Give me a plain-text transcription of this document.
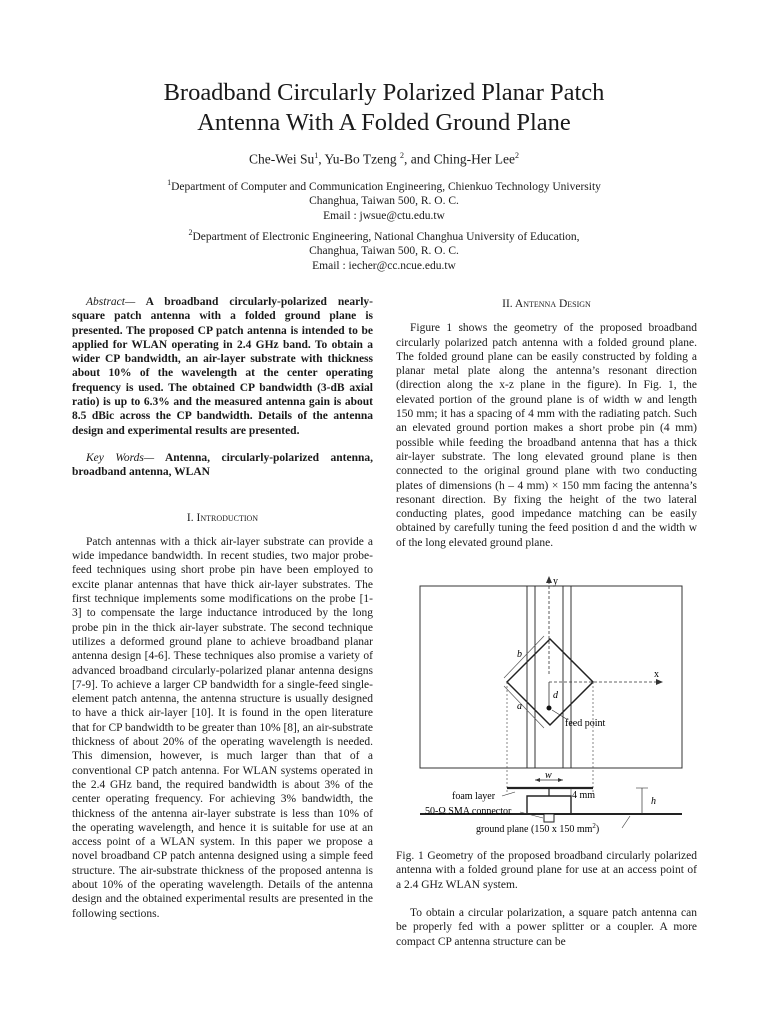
Broadband Circularly Polarized Planar Patch
Antenna With A Folded Ground Plane
Che-Wei Su$^1$, Yu-Bo Tzeng $^2$, and Ching-Her Lee$^2$
$^1$Department of Computer and Communication Engineering, Chienkuo Technology University
Changhua, Taiwan 500, R. O. C.
Email : jwsue@ctu.edu.tw
$^2$Department of Electronic Engineering, National Changhua University of Education,
Changhua, Taiwan 500, R. O. C.
Email : iecher@cc.ncue.edu.tw

Abstract— A broadband circularly-polarized nearly-square patch antenna with a folded ground plane is presented. The proposed CP patch antenna is intended to be applied for WLAN operating in 2.4 GHz band. To obtain a wider CP bandwidth, an air-layer substrate with thickness about 10% of the wavelength at the center operating frequency is used. The obtained CP bandwidth (3-dB axial ratio) is up to 6.3% and the measured antenna gain is about 8.5 dBic across the CP bandwidth. Details of the antenna design and experimental results are presented.

Key Words— Antenna, circularly-polarized antenna, broadband antenna, WLAN

I. Introduction

Patch antennas with a thick air-layer substrate can provide a wide impedance bandwidth. In recent studies, two major probe-feed techniques using short probe pin have been employed to excite planar antennas that have thick air-layer substrates. The first technique implements some modifications on the probe [1-3] to compensate the large inductance introduced by the long probe pin in the thick air-layer substrate. The second technique utilizes a deformed ground plane to achieve broadband planar antenna design [4-6]. These techniques also promise a variety of advanced broadband circularly-polarized planar antenna designs [7-9]. To achieve a larger CP bandwidth for a single-feed single-element patch antenna, the antenna structure is usually designed to have a thick air-layer [10]. It is found in the open literature that for CP bandwidth to be greater than 10% [8], an air-substrate thickness of about 20% of the operating wavelength is needed. This dimension, however, is much larger than that of a conventional CP patch antenna. For WLAN systems operated in the 2.4 GHz band, the required bandwidth is about 3% of the center operating frequency. For achieving 3% bandwidth, the thickness of the antenna air-layer substrate is less than 10% of the operating wavelength, and hence it is suitable for use at an access point of a WLAN system. In this paper we propose a novel broadband CP patch antenna designed using a simple feed structure. The air-substrate thickness of the proposed antenna is about 10% of the operating wavelength. Details of the antenna design and the obtained experimental results are presented in the following sections.

II. Antenna Design

Figure 1 shows the geometry of the proposed broadband circularly polarized patch antenna with a folded ground plane. The folded ground plane can be easily constructed by folding a planar metal plate along the antenna’s resonant direction (direction along the x-z plane in the figure). In Fig. 1, the elevated portion of the ground plane is of width w and length 150 mm; it has a spacing of 4 mm with the radiating patch. Such an elevated ground portion makes a short probe pin (4 mm) possible while feeding the broadband antenna that has a thick air-layer substrate. The long elevated ground plane is then connected to the original ground plane with two conducting plates of dimensions (h – 4 mm) × 150 mm facing the antenna’s resonant direction. By fixing the height of the two lateral conducting plates, good impedance matching can be easily obtained by carefully tuning the feed position d and the width w of the long elevated ground plane.

y
x
b
a
d
feed point
w
foam layer	4 mm
h
50-Ω SMA connector
ground plane (150 x 150 $mm^2$)
Fig. 1 Geometry of the proposed broadband circularly polarized antenna with a folded ground plane for use at an access point of a 2.4 GHz WLAN system.

To obtain a circular polarization, a square patch antenna can be properly fed with a power splitter or a coupler. A more compact CP antenna structure can be
